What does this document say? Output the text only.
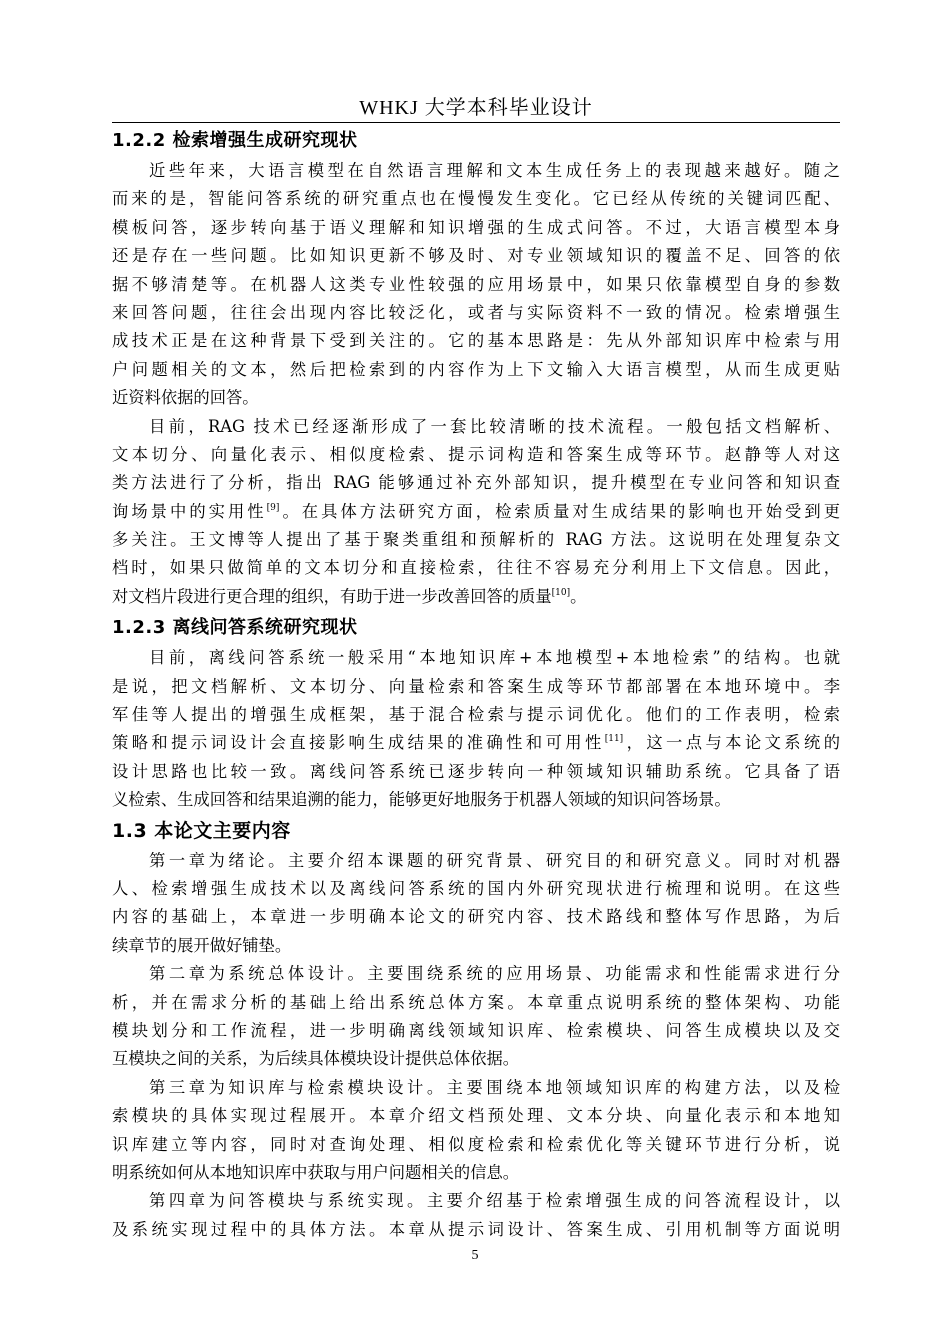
WHKJ 大学本科毕业设计
1.2.2 检索增强生成研究现状
近些年来，大语言模型在自然语言理解和文本生成任务上的表现越来越好。随之
而来的是，智能问答系统的研究重点也在慢慢发生变化。它已经从传统的关键词匹配、
模板问答，逐步转向基于语义理解和知识增强的生成式问答。不过，大语言模型本身
还是存在一些问题。比如知识更新不够及时、对专业领域知识的覆盖不足、回答的依
据不够清楚等。在机器人这类专业性较强的应用场景中，如果只依靠模型自身的参数
来回答问题，往往会出现内容比较泛化，或者与实际资料不一致的情况。检索增强生
成技术正是在这种背景下受到关注的。它的基本思路是：先从外部知识库中检索与用
户问题相关的文本，然后把检索到的内容作为上下文输入大语言模型，从而生成更贴
近资料依据的回答。
目前，RAG 技术已经逐渐形成了一套比较清晰的技术流程。一般包括文档解析、
文本切分、向量化表示、相似度检索、提示词构造和答案生成等环节。赵静等人对这
类方法进行了分析，指出 RAG 能够通过补充外部知识，提升模型在专业问答和知识查
询场景中的实用性[9]。在具体方法研究方面，检索质量对生成结果的影响也开始受到更
多关注。王文博等人提出了基于聚类重组和预解析的 RAG 方法。这说明在处理复杂文
档时，如果只做简单的文本切分和直接检索，往往不容易充分利用上下文信息。因此，
对文档片段进行更合理的组织，有助于进一步改善回答的质量[10]。
1.2.3 离线问答系统研究现状
目前，离线问答系统一般采用“本地知识库+本地模型+本地检索”的结构。也就
是说，把文档解析、文本切分、向量检索和答案生成等环节都部署在本地环境中。李
军佳等人提出的增强生成框架，基于混合检索与提示词优化。他们的工作表明，检索
策略和提示词设计会直接影响生成结果的准确性和可用性[11]，这一点与本论文系统的
设计思路也比较一致。离线问答系统已逐步转向一种领域知识辅助系统。它具备了语
义检索、生成回答和结果追溯的能力，能够更好地服务于机器人领域的知识问答场景。
1.3 本论文主要内容
第一章为绪论。主要介绍本课题的研究背景、研究目的和研究意义。同时对机器
人、检索增强生成技术以及离线问答系统的国内外研究现状进行梳理和说明。在这些
内容的基础上，本章进一步明确本论文的研究内容、技术路线和整体写作思路，为后
续章节的展开做好铺垫。
第二章为系统总体设计。主要围绕系统的应用场景、功能需求和性能需求进行分
析，并在需求分析的基础上给出系统总体方案。本章重点说明系统的整体架构、功能
模块划分和工作流程，进一步明确离线领域知识库、检索模块、问答生成模块以及交
互模块之间的关系，为后续具体模块设计提供总体依据。
第三章为知识库与检索模块设计。主要围绕本地领域知识库的构建方法，以及检
索模块的具体实现过程展开。本章介绍文档预处理、文本分块、向量化表示和本地知
识库建立等内容，同时对查询处理、相似度检索和检索优化等关键环节进行分析，说
明系统如何从本地知识库中获取与用户问题相关的信息。
第四章为问答模块与系统实现。主要介绍基于检索增强生成的问答流程设计，以
及系统实现过程中的具体方法。本章从提示词设计、答案生成、引用机制等方面说明
5
